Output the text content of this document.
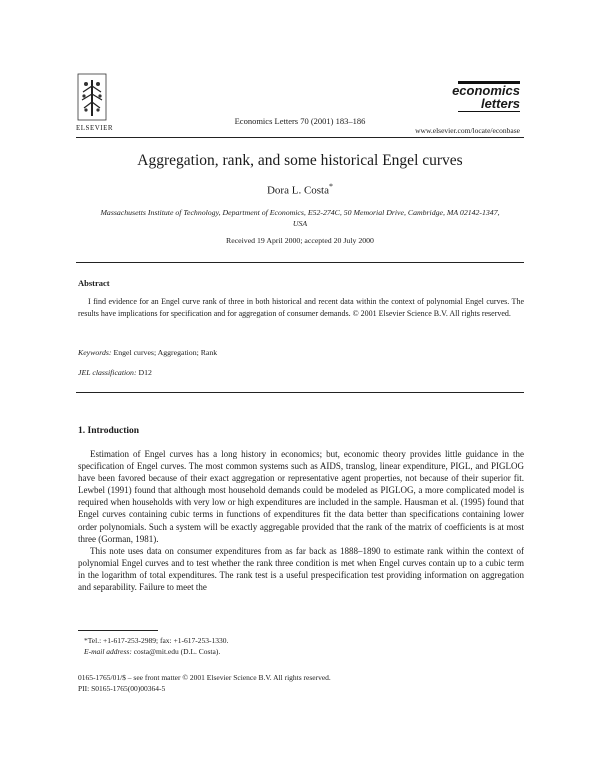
ELSEVIER
Economics Letters 70 (2001) 183–186
economics
letters
www.elsevier.com/locate/econbase
Aggregation, rank, and some historical Engel curves
Dora L. Costa*
Massachusetts Institute of Technology, Department of Economics, E52-274C, 50 Memorial Drive, Cambridge, MA 02142-1347, USA
Received 19 April 2000; accepted 20 July 2000
Abstract
I find evidence for an Engel curve rank of three in both historical and recent data within the context of polynomial Engel curves. The results have implications for specification and for aggregation of consumer demands. © 2001 Elsevier Science B.V. All rights reserved.
Keywords: Engel curves; Aggregation; Rank
JEL classification: D12
1. Introduction

Estimation of Engel curves has a long history in economics; but, economic theory provides little guidance in the specification of Engel curves. The most common systems such as AIDS, translog, linear expenditure, PIGL, and PIGLOG have been favored because of their exact aggregation or representative agent properties, not because of their superior fit. Lewbel (1991) found that although most household demands could be modeled as PIGLOG, a more complicated model is required when households with very low or high expenditures are included in the sample. Hausman et al. (1995) found that Engel curves containing cubic terms in functions of expenditures fit the data better than specifications containing lower order polynomials. Such a system will be exactly aggregable provided that the rank of the matrix of coefficients is at most three (Gorman, 1981).

This note uses data on consumer expenditures from as far back as 1888–1890 to estimate rank within the context of polynomial Engel curves and to test whether the rank three condition is met when Engel curves contain up to a cubic term in the logarithm of total expenditures. The rank test is a useful prespecification test providing information on aggregation and separability. Failure to meet the

*Tel.: +1-617-253-2989; fax: +1-617-253-1330.
E-mail address: costa@mit.edu (D.L. Costa).
0165-1765/01/$ – see front matter © 2001 Elsevier Science B.V. All rights reserved.
PII: S0165-1765(00)00364-5
